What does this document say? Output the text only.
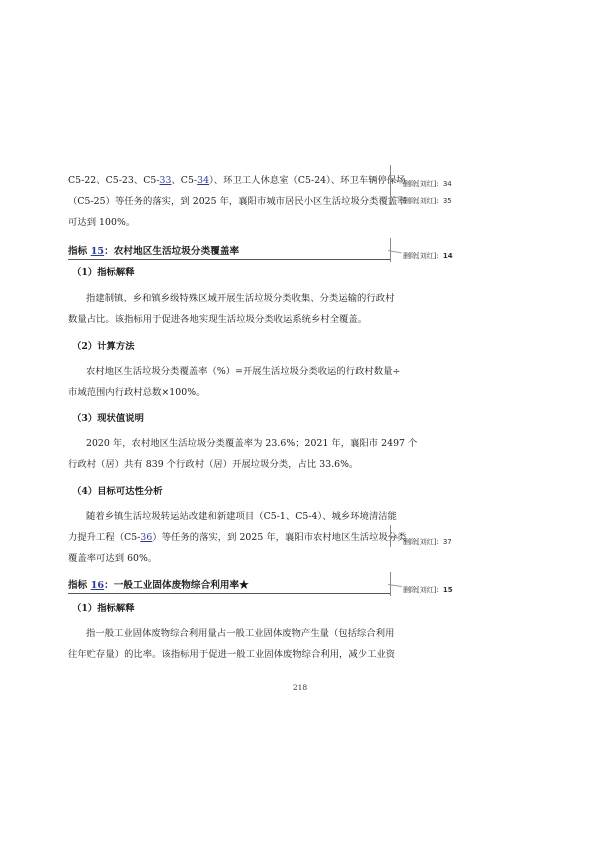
C5-22、C5-23、C5-33、C5-34）、环卫工人休息室（C5-24）、环卫车辆停保场
（C5-25）等任务的落实，到 2025 年，襄阳市城市居民小区生活垃圾分类覆盖率
可达到 100%。
指标 15：农村地区生活垃圾分类覆盖率
（1）指标解释
指建制镇、乡和镇乡级特殊区域开展生活垃圾分类收集、分类运输的行政村
数量占比。该指标用于促进各地实现生活垃圾分类收运系统乡村全覆盖。
（2）计算方法
农村地区生活垃圾分类覆盖率（%）=开展生活垃圾分类收运的行政村数量÷
市域范围内行政村总数×100%。
（3）现状值说明
2020 年，农村地区生活垃圾分类覆盖率为 23.6%；2021 年，襄阳市 2497 个
行政村（居）共有 839 个行政村（居）开展垃圾分类，占比 33.6%。
（4）目标可达性分析
随着乡镇生活垃圾转运站改建和新建项目（C5-1、C5-4）、城乡环境清洁能
力提升工程（C5-36）等任务的落实，到 2025 年，襄阳市农村地区生活垃圾分类
覆盖率可达到 60%。
指标 16：一般工业固体废物综合利用率★
（1）指标解释
指一般工业固体废物综合利用量占一般工业固体废物产生量（包括综合利用
往年贮存量）的比率。该指标用于促进一般工业固体废物综合利用，减少工业资
删除[刘红]: 34
删除[刘红]: 35
删除[刘红]: 14
删除[刘红]: 37
删除[刘红]: 15
218
